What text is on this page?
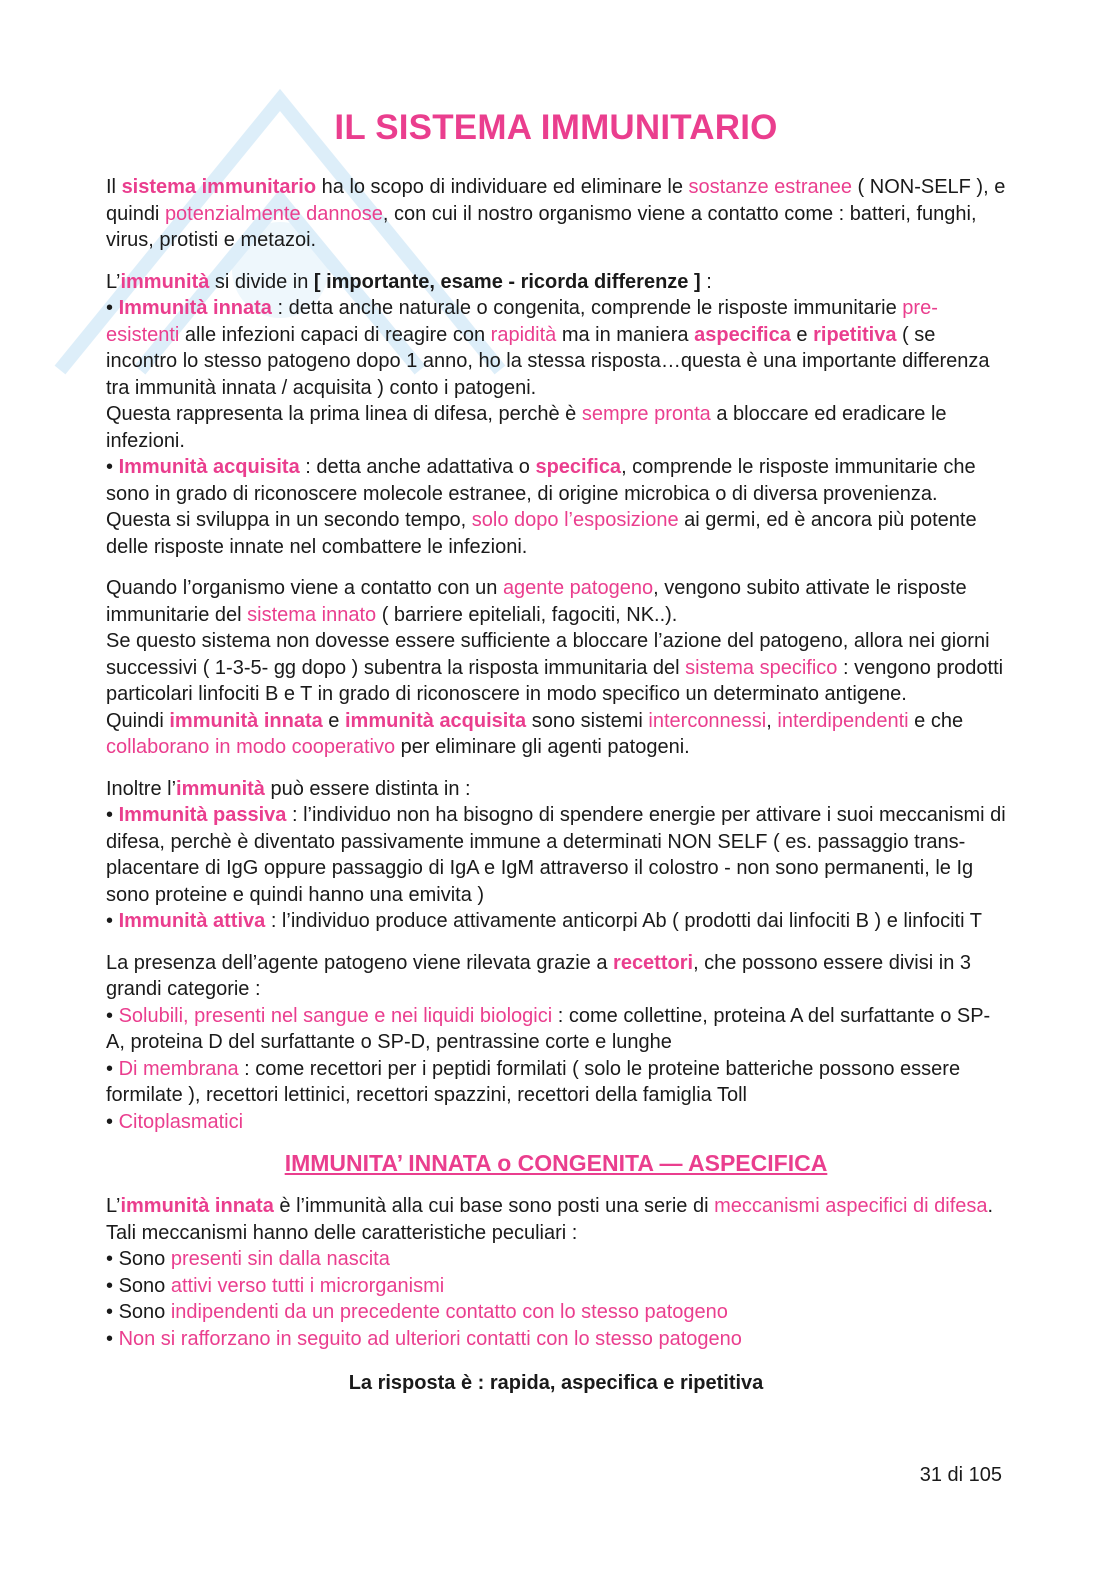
IL SISTEMA IMMUNITARIO

Il sistema immunitario ha lo scopo di individuare ed eliminare le sostanze estranee ( NON-SELF ), e quindi potenzialmente dannose, con cui il nostro organismo viene a contatto come : batteri, funghi, virus, protisti e metazoi.

L’immunità si divide in [ importante, esame - ricorda differenze ] :

• Immunità innata : detta anche naturale o congenita, comprende le risposte immunitarie pre-esistenti alle infezioni capaci di reagire con rapidità ma in maniera aspecifica e ripetitiva ( se incontro lo stesso patogeno dopo 1 anno, ho la stessa risposta…questa è una importante differenza tra immunità innata / acquisita ) conto i patogeni.

Questa rappresenta la prima linea di difesa, perchè è sempre pronta a bloccare ed eradicare le infezioni.

• Immunità acquisita : detta anche adattativa o specifica, comprende le risposte immunitarie che sono in grado di riconoscere molecole estranee, di origine microbica o di diversa provenienza. Questa si sviluppa in un secondo tempo, solo dopo l’esposizione ai germi, ed è ancora più potente delle risposte innate nel combattere le infezioni.

Quando l’organismo viene a contatto con un agente patogeno, vengono subito attivate le risposte immunitarie del sistema innato ( barriere epiteliali, fagociti, NK..).

Se questo sistema non dovesse essere sufficiente a bloccare l’azione del patogeno, allora nei giorni successivi ( 1-3-5- gg dopo ) subentra la risposta immunitaria del sistema specifico : vengono prodotti particolari linfociti B e T in grado di riconoscere in modo specifico un determinato antigene.

Quindi immunità innata e immunità acquisita sono sistemi interconnessi, interdipendenti e che collaborano in modo cooperativo per eliminare gli agenti patogeni.

Inoltre l’immunità può essere distinta in :

• Immunità passiva : l’individuo non ha bisogno di spendere energie per attivare i suoi meccanismi di difesa, perchè è diventato passivamente immune a determinati NON SELF ( es. passaggio trans-placentare di IgG oppure passaggio di IgA e IgM attraverso il colostro - non sono permanenti, le Ig sono proteine e quindi hanno una emivita )
• Immunità attiva : l’individuo produce attivamente anticorpi Ab ( prodotti dai linfociti B ) e linfociti T

La presenza dell’agente patogeno viene rilevata grazie a recettori, che possono essere divisi in 3 grandi categorie :

• Solubili, presenti nel sangue e nei liquidi biologici : come collettine, proteina A del surfattante o SP-A, proteina D del surfattante o SP-D, pentrassine corte e lunghe
• Di membrana : come recettori per i peptidi formilati ( solo le proteine batteriche possono essere formilate ), recettori lettinici, recettori spazzini, recettori della famiglia Toll
• Citoplasmatici
IMMUNITA’ INNATA o CONGENITA — ASPECIFICA

L’immunità innata è l’immunità alla cui base sono posti una serie di meccanismi aspecifici di difesa. Tali meccanismi hanno delle caratteristiche peculiari :

• Sono presenti sin dalla nascita
• Sono attivi verso tutti i microrganismi
• Sono indipendenti da un precedente contatto con lo stesso patogeno
• Non si rafforzano in seguito ad ulteriori contatti con lo stesso patogeno

La risposta è : rapida, aspecifica e ripetitiva

31 di 105
